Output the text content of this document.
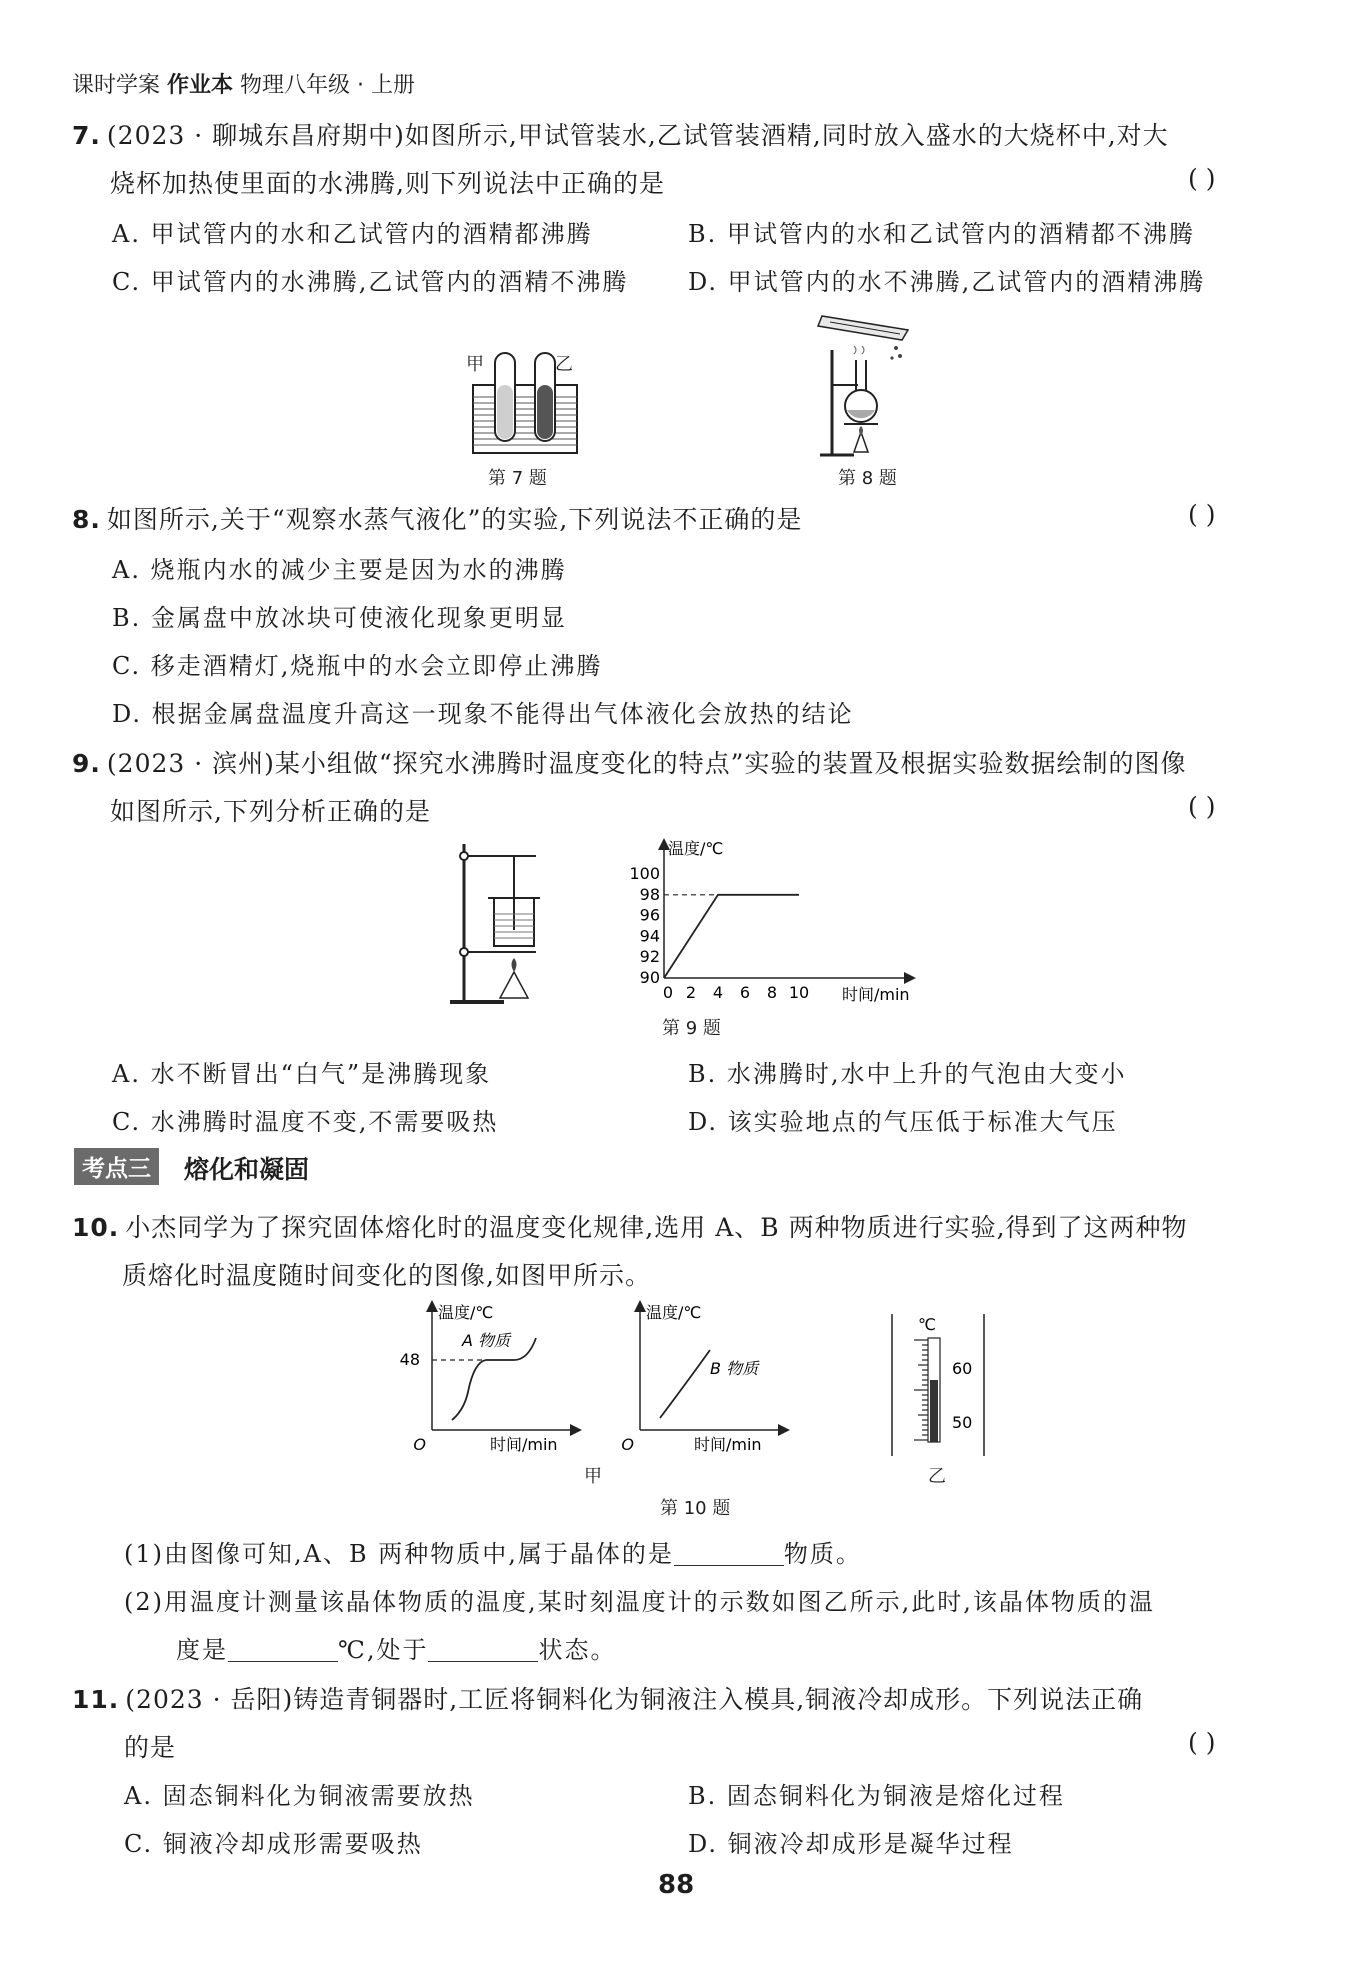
课时学案 作业本 物理八年级 · 上册
7. (2023 · 聊城东昌府期中)如图所示,甲试管装水,乙试管装酒精,同时放入盛水的大烧杯中,对大
烧杯加热使里面的水沸腾,则下列说法中正确的是	( )
A. 甲试管内的水和乙试管内的酒精都沸腾	B. 甲试管内的水和乙试管内的酒精都不沸腾
C. 甲试管内的水沸腾,乙试管内的酒精不沸腾 D. 甲试管内的水不沸腾,乙试管内的酒精沸腾
甲	乙
第 7 题	第 8 题
8. 如图所示,关于“观察水蒸气液化”的实验,下列说法不正确的是	( )
A. 烧瓶内水的减少主要是因为水的沸腾
B. 金属盘中放冰块可使液化现象更明显
C. 移走酒精灯,烧瓶中的水会立即停止沸腾
D. 根据金属盘温度升高这一现象不能得出气体液化会放热的结论
9. (2023 · 滨州)某小组做“探究水沸腾时温度变化的特点”实验的装置及根据实验数据绘制的图像
如图所示,下列分析正确的是	( )
温度/℃
时间/min
100
98
96
94
92
90
0 2 4 6 8 10
第 9 题
A. 水不断冒出“白气”是沸腾现象	B. 水沸腾时,水中上升的气泡由大变小
C. 水沸腾时温度不变,不需要吸热	D. 该实验地点的气压低于标准大气压
考点三	熔化和凝固
10. 小杰同学为了探究固体熔化时的温度变化规律,选用 A、B 两种物质进行实验,得到了这两种物
质熔化时温度随时间变化的图像,如图甲所示。
温度/℃
48
O	时间/min
A 物质
温度/℃
O	时间/min
B 物质
甲
℃
60
50
乙
第 10 题
(1)由图像可知,A、B 两种物质中,属于晶体的是	物质。
(2)用温度计测量该晶体物质的温度,某时刻温度计的示数如图乙所示,此时,该晶体物质的温
度是	℃,处于	状态。
11. (2023 · 岳阳)铸造青铜器时,工匠将铜料化为铜液注入模具,铜液冷却成形。下列说法正确
的是	( )
A. 固态铜料化为铜液需要放热	B. 固态铜料化为铜液是熔化过程
C. 铜液冷却成形需要吸热	D. 铜液冷却成形是凝华过程
88
